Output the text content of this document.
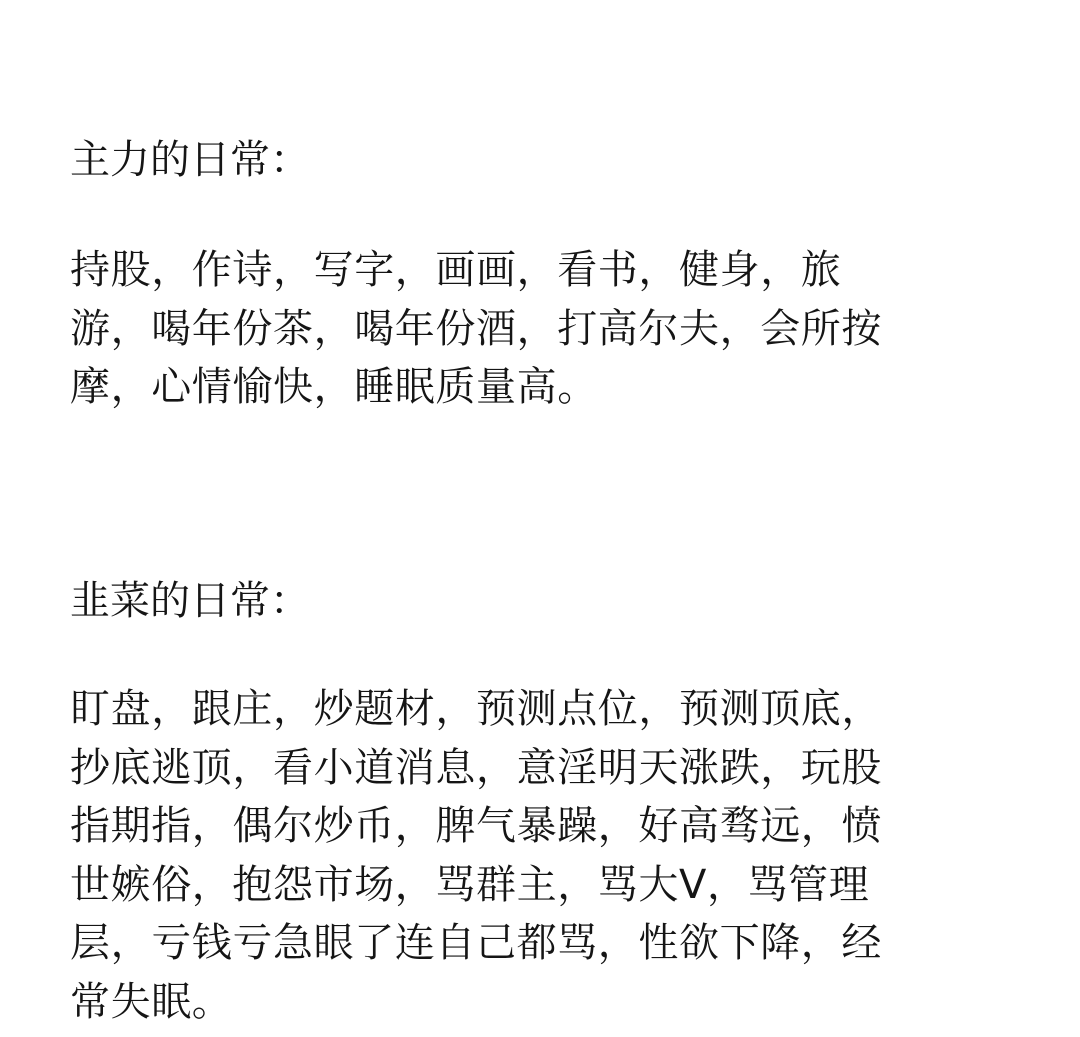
主力的日常：

持股，作诗，写字，画画，看书，健身，旅

游，喝年份茶，喝年份酒，打高尔夫，会所按

摩，心情愉快，睡眠质量高。

韭菜的日常：

盯盘，跟庄，炒题材，预测点位，预测顶底，

抄底逃顶，看小道消息，意淫明天涨跌，玩股

指期指，偶尔炒币，脾气暴躁，好高骛远，愤

世嫉俗，抱怨市场，骂群主，骂大V，骂管理

层，亏钱亏急眼了连自己都骂，性欲下降，经

常失眠。
